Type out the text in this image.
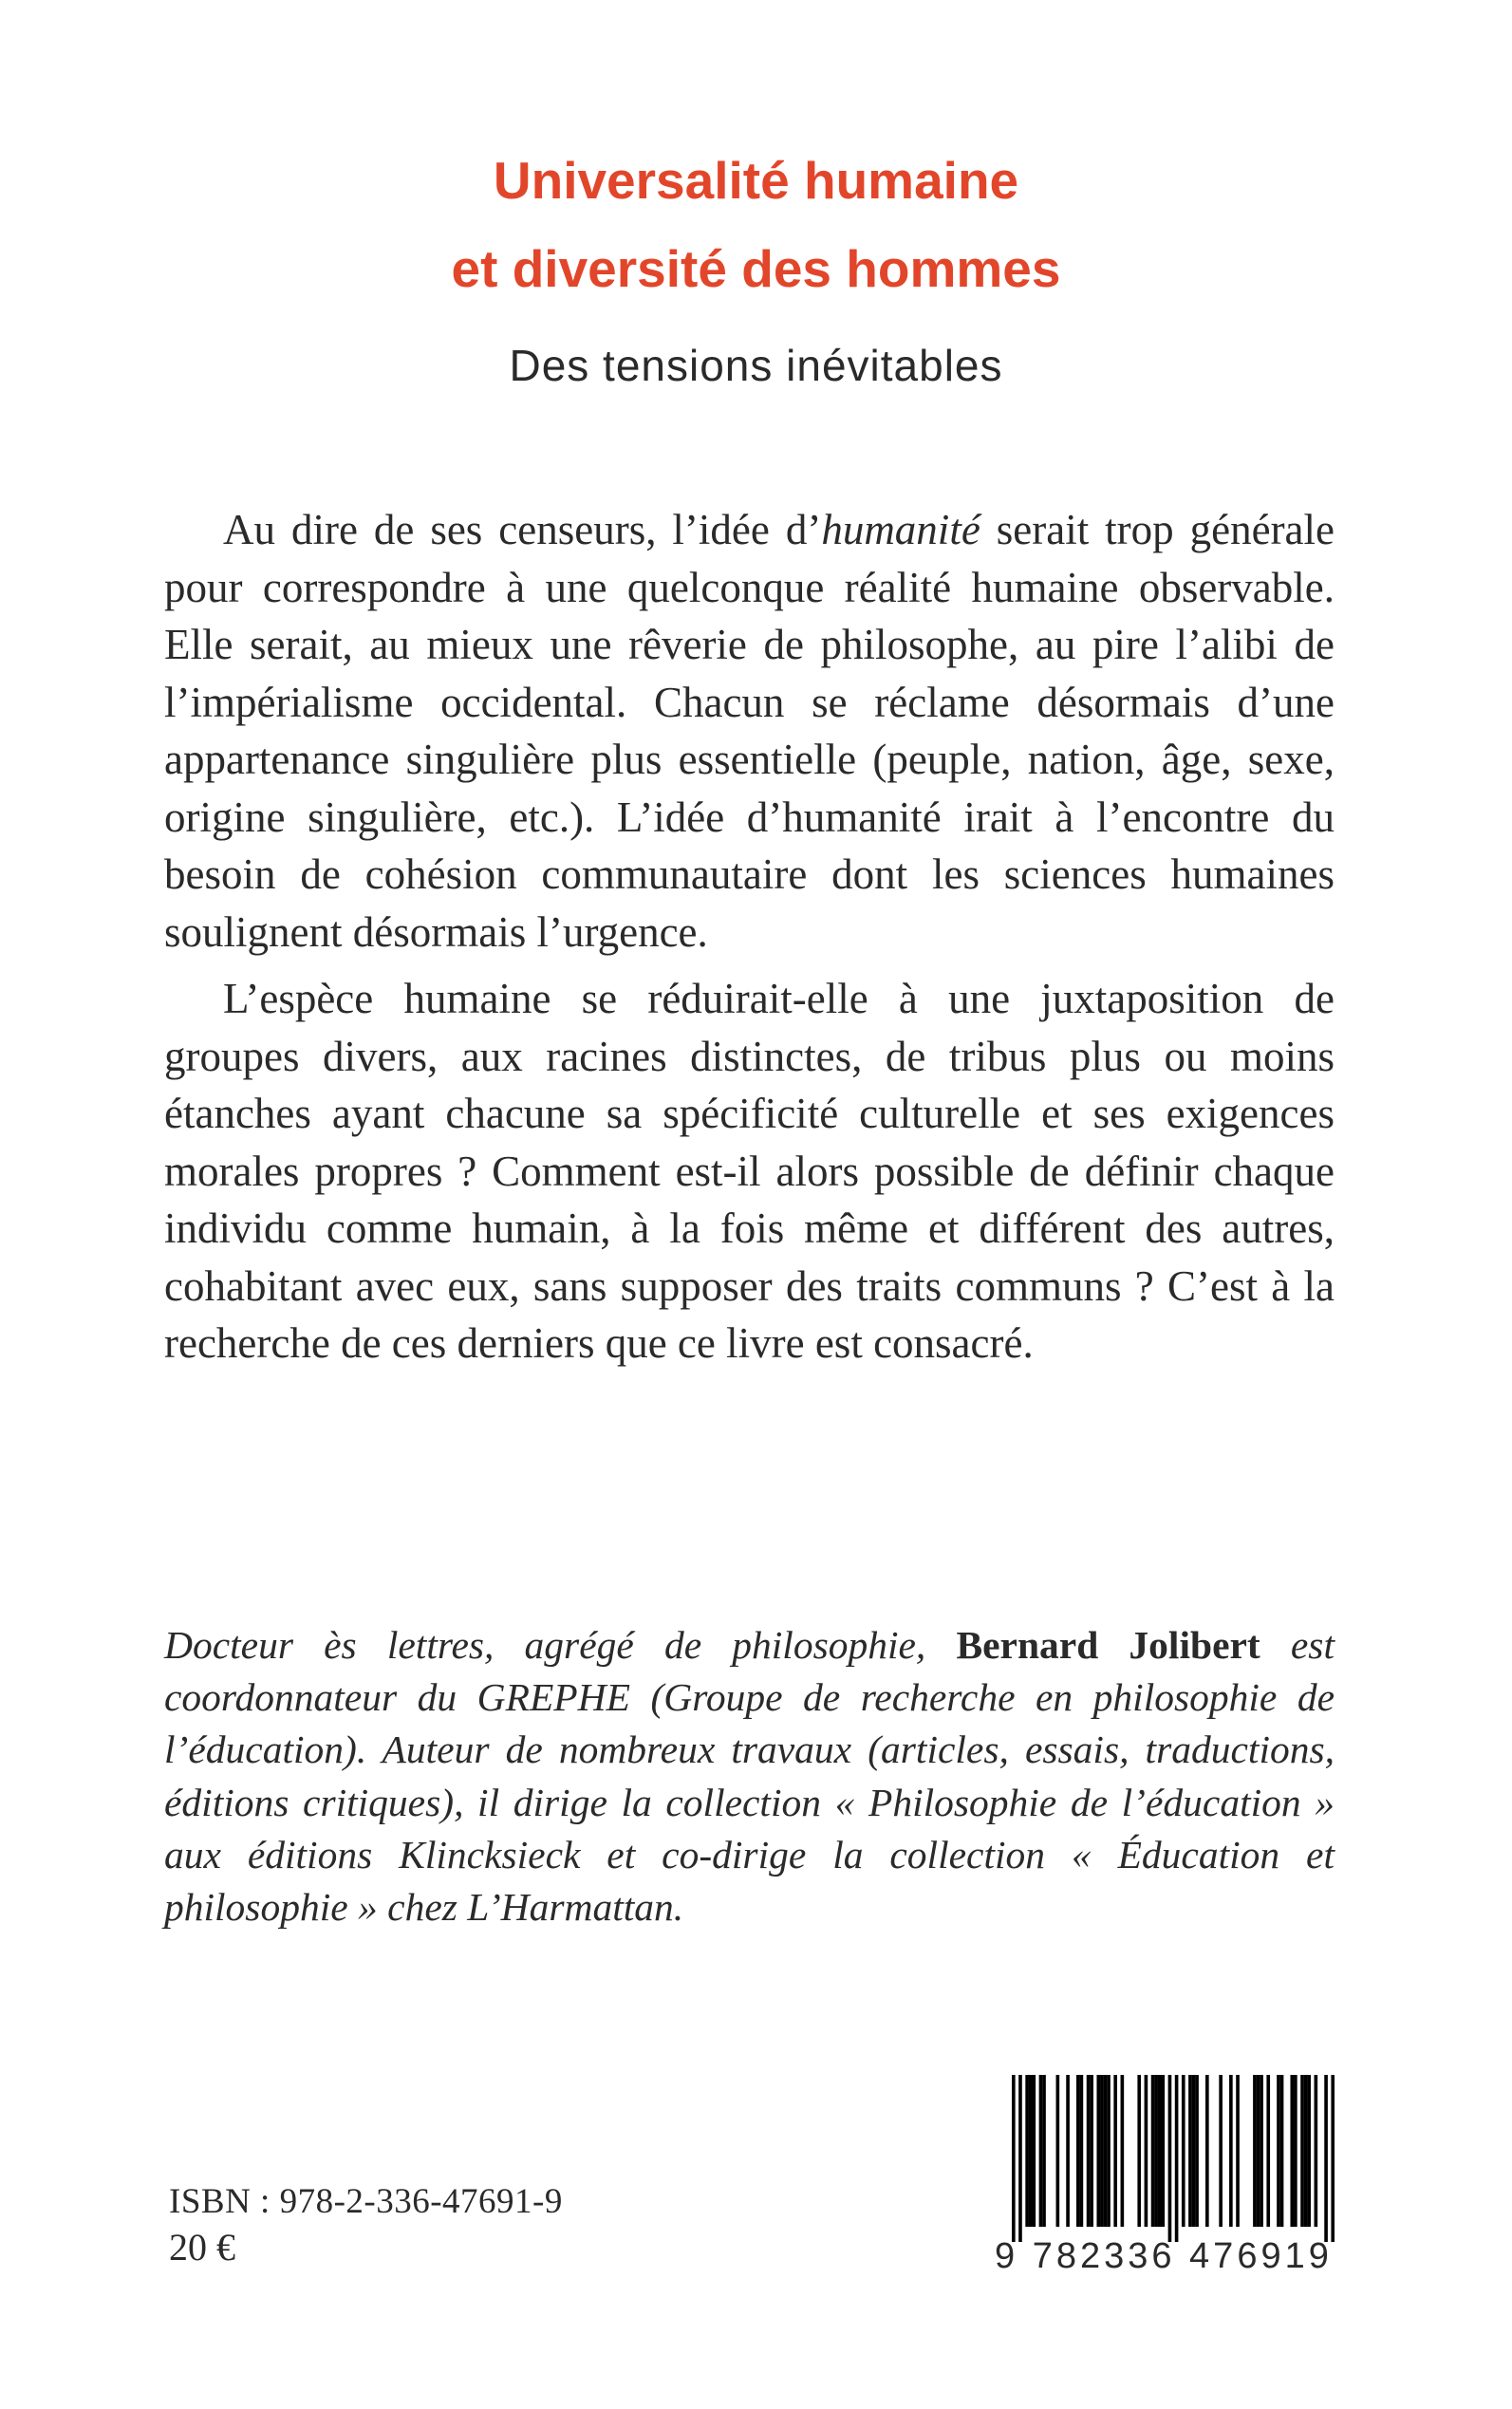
Universalité humaine
et diversité des hommes
Des tensions inévitables

Au dire de ses censeurs, l’idée d’humanité serait trop générale pour correspondre à une quelconque réalité humaine observable. Elle serait, au mieux une rêverie de philosophe, au pire l’alibi de l’impérialisme occidental. Chacun se réclame désormais d’une appartenance singulière plus essentielle (peuple, nation, âge, sexe, origine singulière, etc.). L’idée d’humanité irait à l’encontre du besoin de cohésion communautaire dont les sciences humaines soulignent désormais l’urgence.

L’espèce humaine se réduirait-elle à une juxtaposition de groupes divers, aux racines distinctes, de tribus plus ou moins étanches ayant chacune sa spécificité culturelle et ses exigences morales propres ? Comment est-il alors possible de définir chaque individu comme humain, à la fois même et différent des autres, cohabitant avec eux, sans supposer des traits communs ? C’est à la recherche de ces derniers que ce livre est consacré.

Docteur ès lettres, agrégé de philosophie, Bernard Jolibert est coordonnateur du GREPHE (Groupe de recherche en philosophie de l’éducation). Auteur de nombreux travaux (articles, essais, traductions, éditions critiques), il dirige la collection « Philosophie de l’éducation » aux éditions Klincksieck et co-dirige la collection « Éducation et philosophie » chez L’Harmattan.
ISBN : 978-2-336-47691-9
20 €	9 782336 476919
